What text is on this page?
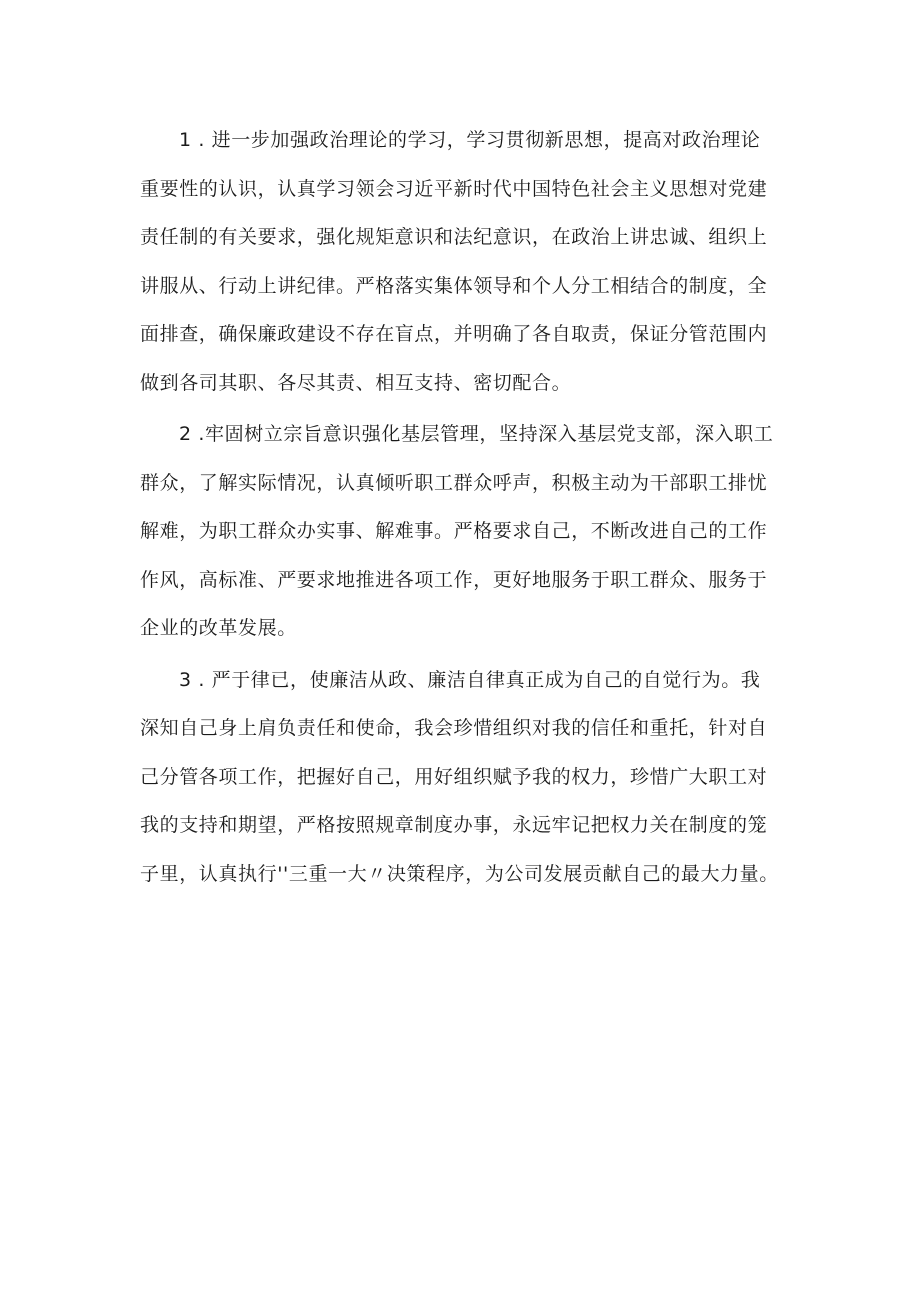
1 . 进一步加强政治理论的学习，学习贯彻新思想，提高对政治理论
重要性的认识，认真学习领会习近平新时代中国特色社会主义思想对党建
责任制的有关要求，强化规矩意识和法纪意识，在政治上讲忠诚、组织上
讲服从、行动上讲纪律。严格落实集体领导和个人分工相结合的制度，全
面排查，确保廉政建设不存在盲点，并明确了各自取责，保证分管范围内
做到各司其职、各尽其责、相互支持、密切配合。

2 .牢固树立宗旨意识强化基层管理，坚持深入基层党支部，深入职工
群众，了解实际情况，认真倾听职工群众呼声，积极主动为干部职工排忧
解难，为职工群众办实事、解难事。严格要求自己，不断改进自己的工作
作风，高标准、严要求地推进各项工作，更好地服务于职工群众、服务于
企业的改革发展。

3 . 严于律已，使廉洁从政、廉洁自律真正成为自己的自觉行为。我
深知自己身上肩负责任和使命，我会珍惜组织对我的信任和重托，针对自
己分管各项工作，把握好自己，用好组织赋予我的权力，珍惜广大职工对
我的支持和期望，严格按照规章制度办事，永远牢记把权力关在制度的笼
子里，认真执行''三重一大〃决策程序，为公司发展贡献自己的最大力量。
